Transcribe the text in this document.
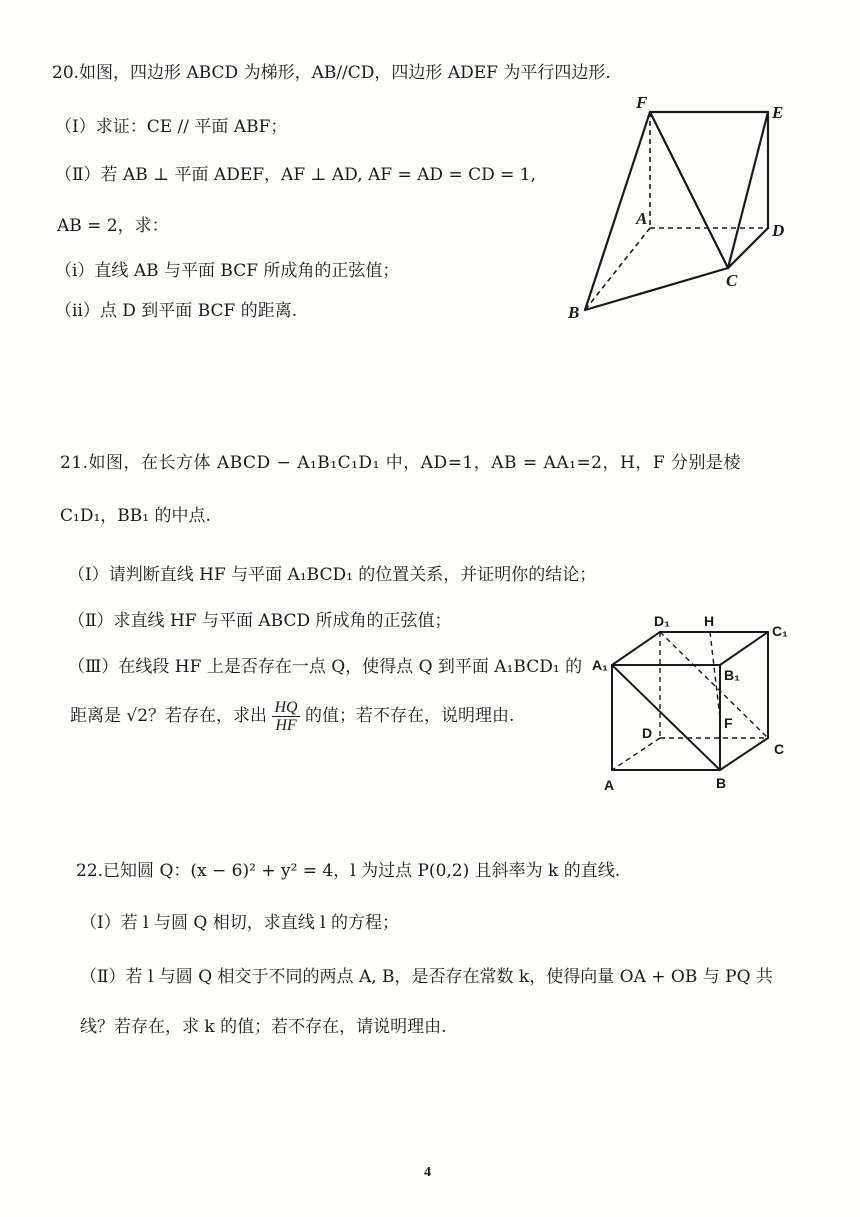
20.如图，四边形 ABCD 为梯形，AB//CD，四边形 ADEF 为平行四边形.
（Ⅰ）求证：CE // 平面 ABF；
（Ⅱ）若 AB ⊥ 平面 ADEF，AF ⊥ AD, AF = AD = CD = 1,
AB = 2，求：
（ⅰ）直线 AB 与平面 BCF 所成角的正弦值；
（ⅱ）点 D 到平面 BCF 的距离.
F
E
A
D
C
B
21.如图，在长方体 ABCD − A₁B₁C₁D₁ 中，AD=1，AB = AA₁=2，H，F 分别是棱
C₁D₁，BB₁ 的中点.
（Ⅰ）请判断直线 HF 与平面 A₁BCD₁ 的位置关系，并证明你的结论；
（Ⅱ）求直线 HF 与平面 ABCD 所成角的正弦值；
（Ⅲ）在线段 HF 上是否存在一点 Q，使得点 Q 到平面 A₁BCD₁ 的
距离是 √2？若存在，求出 $\frac{HQ}{HF}$ 的值；若不存在，说明理由.
D₁ H
C₁
A₁
B₁
D
F
C
A	B
22.已知圆 Q：(x − 6)² + y² = 4，l 为过点 P(0,2) 且斜率为 k 的直线.
（Ⅰ）若 l 与圆 Q 相切，求直线 l 的方程；
（Ⅱ）若 l 与圆 Q 相交于不同的两点 A, B，是否存在常数 k，使得向量 OA + OB 与 PQ 共
线？若存在，求 k 的值；若不存在，请说明理由.
4
